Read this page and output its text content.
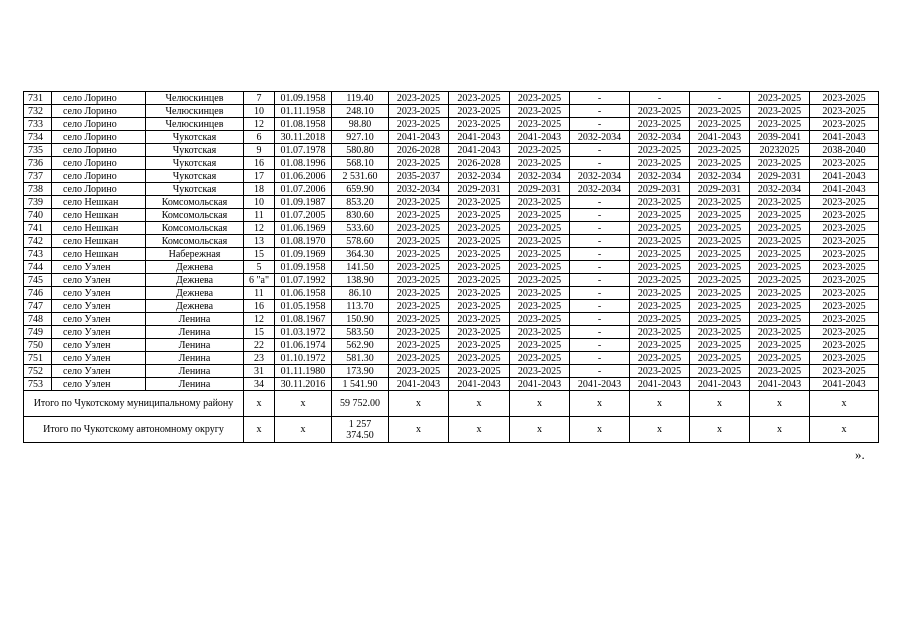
731	село Лорино	Челюскинцев	7	01.09.1958	119.40	2023-2025	2023-2025	2023-2025	-	-	-	2023-2025	2023-2025
732	село Лорино	Челюскинцев	10	01.11.1958	248.10	2023-2025	2023-2025	2023-2025	-	2023-2025	2023-2025	2023-2025	2023-2025
733	село Лорино	Челюскинцев	12	01.08.1958	98.80	2023-2025	2023-2025	2023-2025	-	2023-2025	2023-2025	2023-2025	2023-2025
734	село Лорино	Чукотская	6	30.11.2018	927.10	2041-2043	2041-2043	2041-2043	2032-2034	2032-2034	2041-2043	2039-2041	2041-2043
735	село Лорино	Чукотская	9	01.07.1978	580.80	2026-2028	2041-2043	2023-2025	-	2023-2025	2023-2025	20232025	2038-2040
736	село Лорино	Чукотская	16	01.08.1996	568.10	2023-2025	2026-2028	2023-2025	-	2023-2025	2023-2025	2023-2025	2023-2025
737	село Лорино	Чукотская	17	01.06.2006	2 531.60	2035-2037	2032-2034	2032-2034	2032-2034	2032-2034	2032-2034	2029-2031	2041-2043
738	село Лорино	Чукотская	18	01.07.2006	659.90	2032-2034	2029-2031	2029-2031	2032-2034	2029-2031	2029-2031	2032-2034	2041-2043
739	село Нешкан	Комсомольская	10	01.09.1987	853.20	2023-2025	2023-2025	2023-2025	-	2023-2025	2023-2025	2023-2025	2023-2025
740	село Нешкан	Комсомольская	11	01.07.2005	830.60	2023-2025	2023-2025	2023-2025	-	2023-2025	2023-2025	2023-2025	2023-2025
741	село Нешкан	Комсомольская	12	01.06.1969	533.60	2023-2025	2023-2025	2023-2025	-	2023-2025	2023-2025	2023-2025	2023-2025
742	село Нешкан	Комсомольская	13	01.08.1970	578.60	2023-2025	2023-2025	2023-2025	-	2023-2025	2023-2025	2023-2025	2023-2025
743	село Нешкан	Набережная	15	01.09.1969	364.30	2023-2025	2023-2025	2023-2025	-	2023-2025	2023-2025	2023-2025	2023-2025
744	село Уэлен	Дежнева	5	01.09.1958	141.50	2023-2025	2023-2025	2023-2025	-	2023-2025	2023-2025	2023-2025	2023-2025
745	село Уэлен	Дежнева	6 "а"	01.07.1992	138.90	2023-2025	2023-2025	2023-2025	-	2023-2025	2023-2025	2023-2025	2023-2025
746	село Уэлен	Дежнева	11	01.06.1958	86.10	2023-2025	2023-2025	2023-2025	-	2023-2025	2023-2025	2023-2025	2023-2025
747	село Уэлен	Дежнева	16	01.05.1958	113.70	2023-2025	2023-2025	2023-2025	-	2023-2025	2023-2025	2023-2025	2023-2025
748	село Уэлен	Ленина	12	01.08.1967	150.90	2023-2025	2023-2025	2023-2025	-	2023-2025	2023-2025	2023-2025	2023-2025
749	село Уэлен	Ленина	15	01.03.1972	583.50	2023-2025	2023-2025	2023-2025	-	2023-2025	2023-2025	2023-2025	2023-2025
750	село Уэлен	Ленина	22	01.06.1974	562.90	2023-2025	2023-2025	2023-2025	-	2023-2025	2023-2025	2023-2025	2023-2025
751	село Уэлен	Ленина	23	01.10.1972	581.30	2023-2025	2023-2025	2023-2025	-	2023-2025	2023-2025	2023-2025	2023-2025
752	село Уэлен	Ленина	31	01.11.1980	173.90	2023-2025	2023-2025	2023-2025	-	2023-2025	2023-2025	2023-2025	2023-2025
753	село Уэлен	Ленина	34	30.11.2016	1 541.90	2041-2043	2041-2043	2041-2043	2041-2043	2041-2043	2041-2043	2041-2043	2041-2043
Итого по Чукотскому муниципальному району			x	x	59 752.00	x	x	x	x	x	x	x	x
Итого по Чукотскому автономному округу			x	x	1 257 374.50	x	x	x	x	x	x	x	x
».
